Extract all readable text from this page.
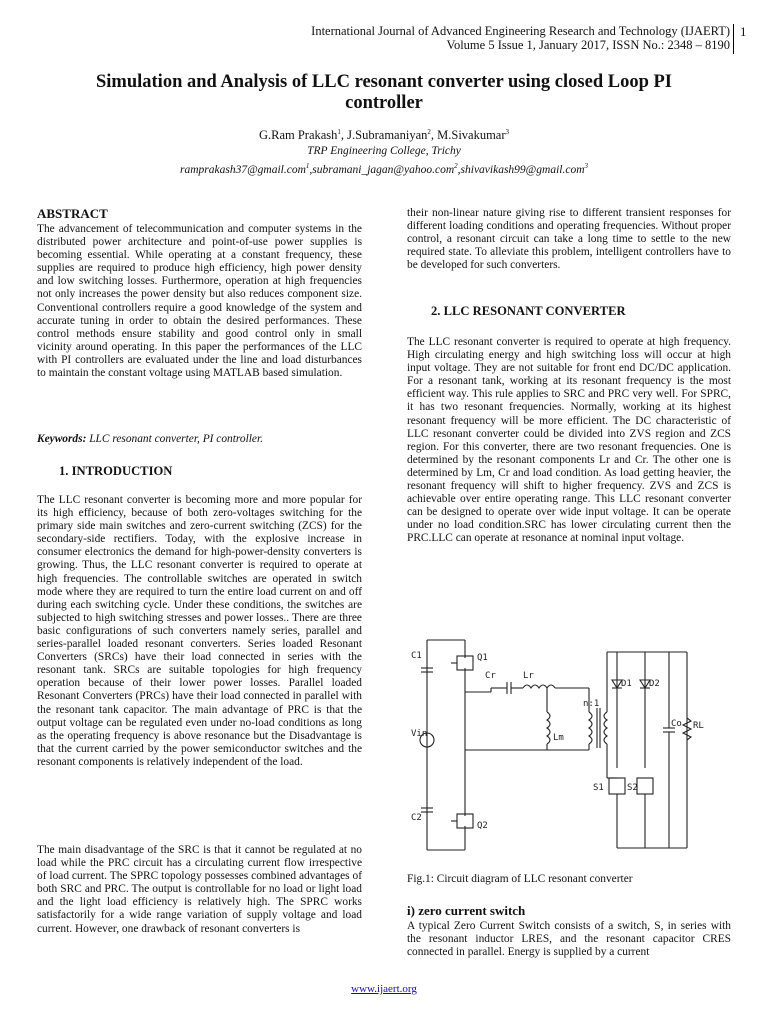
International Journal of Advanced Engineering Research and Technology (IJAERT)
Volume 5 Issue 1, January 2017, ISSN No.: 2348 – 8190
1
Simulation and Analysis of LLC resonant converter using closed Loop PI controller
G.Ram Prakash$^1$, J.Subramaniyan$^2$, M.Sivakumar$^3$
TRP Engineering College, Trichy
ramprakash37@gmail.com$^1$,subramani_jagan@yahoo.com$^2$,shivavikash99@gmail.com$^3$
ABSTRACT
The advancement of telecommunication and computer systems in the distributed power architecture and point-of-use power supplies is becoming essential. While operating at a constant frequency, these supplies are required to produce high efficiency, high power density and low switching losses. Furthermore, operation at high frequencies not only increases the power density but also reduces component size. Conventional controllers require a good knowledge of the system and accurate tuning in order to obtain the desired performances. These control methods ensure stability and good control only in small vicinity around operating. In this paper the performances of the LLC with PI controllers are evaluated under the line and load disturbances to maintain the constant voltage using MATLAB based simulation.
Keywords: LLC resonant converter, PI controller.
1. INTRODUCTION
The LLC resonant converter is becoming more and more popular for its high efficiency, because of both zero-voltages switching for the primary side main switches and zero-current switching (ZCS) for the secondary-side rectifiers. Today, with the explosive increase in consumer electronics the demand for high-power-density converters is growing. Thus, the LLC resonant converter is required to operate at high frequencies. The controllable switches are operated in switch mode where they are required to turn the entire load current on and off during each switching cycle. Under these conditions, the switches are subjected to high switching stresses and power losses.. There are three basic configurations of such converters namely series, parallel and series-parallel loaded resonant converters. Series loaded Resonant Converters (SRCs) have their load connected in series with the resonant tank. SRCs are suitable topologies for high frequency operation because of their lower power losses. Parallel loaded Resonant Converters (PRCs) have their load connected in parallel with the resonant tank capacitor. The main advantage of PRC is that the output voltage can be regulated even under no-load conditions as long as the operating frequency is above resonance but the Disadvantage is that the current carried by the power semiconductor switches and the resonant components is relatively independent of the load.
The main disadvantage of the SRC is that it cannot be regulated at no load while the PRC circuit has a circulating current flow irrespective of load current. The SPRC topology possesses combined advantages of both SRC and PRC. The output is controllable for no load or light load and the light load efficiency is relatively high. The SPRC works satisfactorily for a wide range variation of supply voltage and load current. However, one drawback of resonant converters is
their non-linear nature giving rise to different transient responses for different loading conditions and operating frequencies. Without proper control, a resonant circuit can take a long time to settle to the new required state. To alleviate this problem, intelligent controllers have to be developed for such converters.
2. LLC RESONANT CONVERTER
The LLC resonant converter is required to operate at high frequency. High circulating energy and high switching loss will occur at high input voltage. They are not suitable for front end DC/DC application. For a resonant tank, working at its resonant frequency is the most efficient way. This rule applies to SRC and PRC very well. For SPRC, it has two resonant frequencies. Normally, working at its highest resonant frequency will be more efficient. The DC characteristic of LLC resonant converter could be divided into ZVS region and ZCS region. For this converter, there are two resonant frequencies. One is determined by the resonant components Lr and Cr. The other one is determined by Lm, Cr and load condition. As load getting heavier, the resonant frequency will shift to higher frequency. ZVS and ZCS is achievable over entire operating range. This LLC resonant converter can be designed to operate over wide input voltage. It can be operate under no load condition.SRC has lower circulating current then the PRC.LLC can operate at resonance at nominal input voltage.
C1	Q1
Vin
C2
Q2
Cr	Lr
Lm
n:1
D1 D2
S1	S2
Co RL
Fig.1: Circuit diagram of LLC resonant converter
i) zero current switch
A typical Zero Current Switch consists of a switch, S, in series with the resonant inductor LRES, and the resonant capacitor CRES connected in parallel. Energy is supplied by a current
www.ijaert.org
